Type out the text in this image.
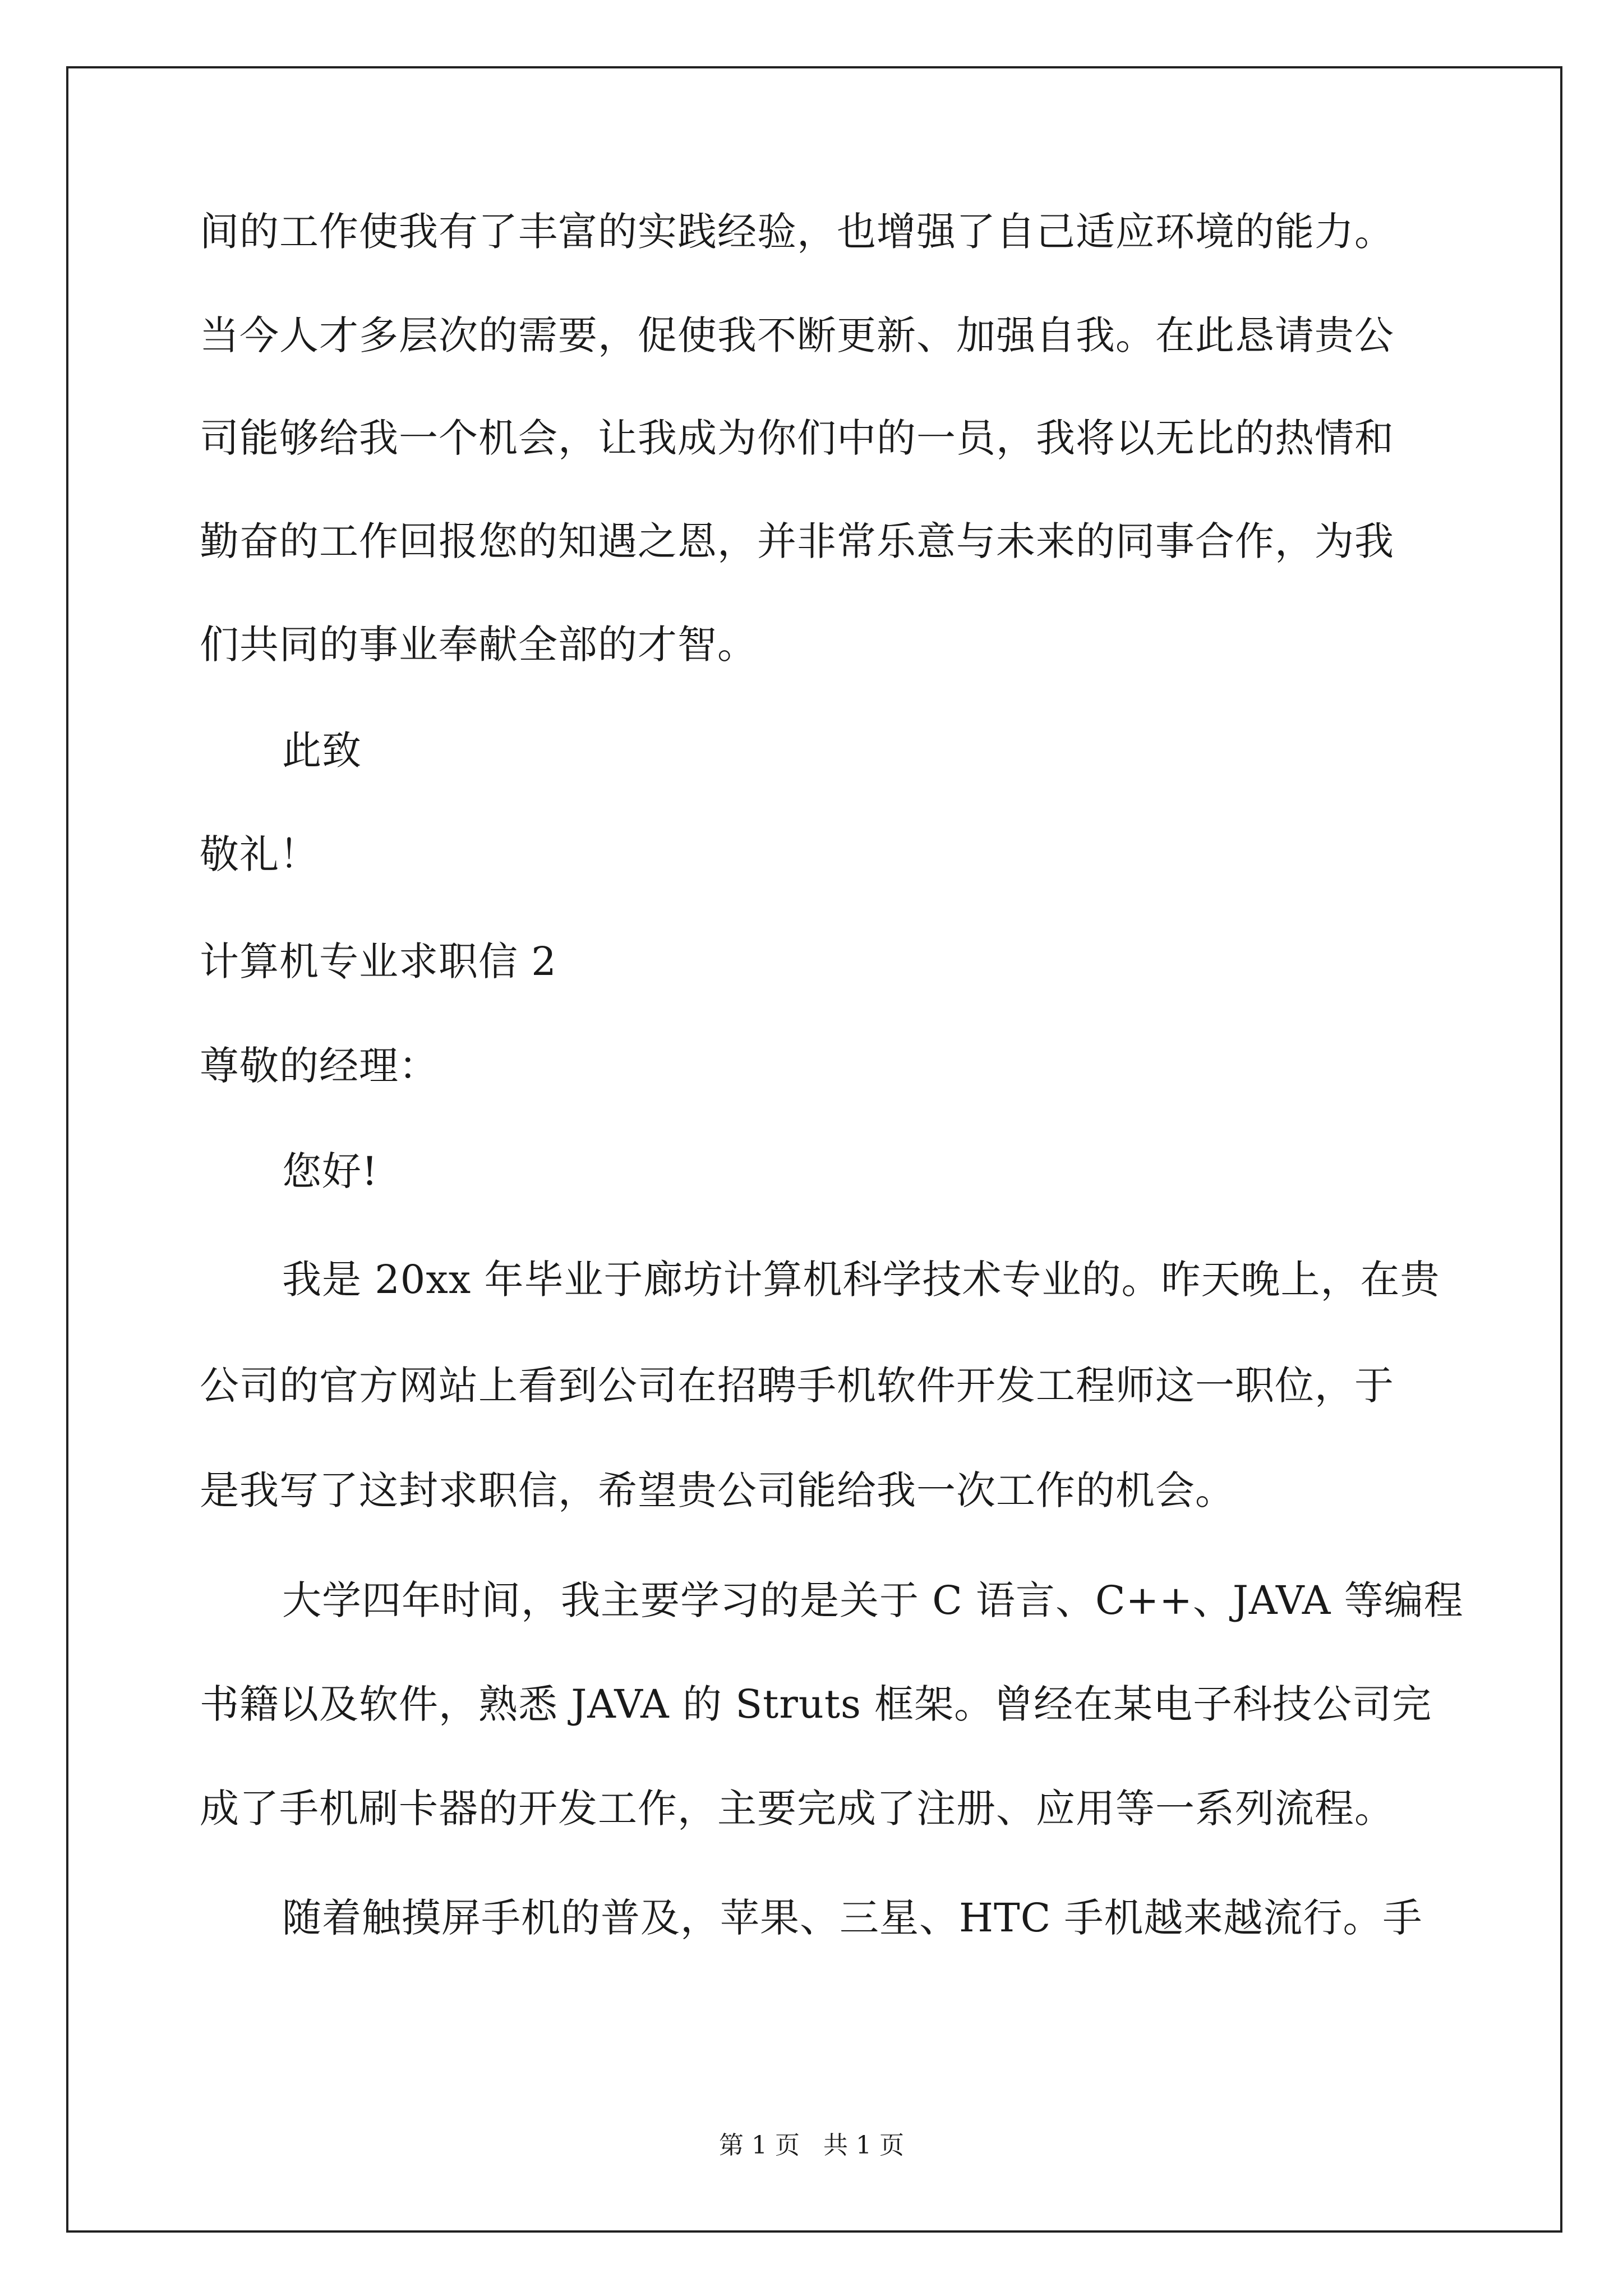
间的工作使我有了丰富的实践经验，也增强了自己适应环境的能力。
当今人才多层次的需要，促使我不断更新、加强自我。在此恳请贵公
司能够给我一个机会，让我成为你们中的一员，我将以无比的热情和
勤奋的工作回报您的知遇之恩，并非常乐意与未来的同事合作，为我
们共同的事业奉献全部的才智。
此致
敬礼！
计算机专业求职信 2
尊敬的经理：
您好!
我是 20xx 年毕业于廊坊计算机科学技术专业的。昨天晚上，在贵
公司的官方网站上看到公司在招聘手机软件开发工程师这一职位，于
是我写了这封求职信，希望贵公司能给我一次工作的机会。
大学四年时间，我主要学习的是关于 C 语言、C++、JAVA 等编程
书籍以及软件，熟悉 JAVA 的 Struts 框架。曾经在某电子科技公司完
成了手机刷卡器的开发工作，主要完成了注册、应用等一系列流程。
随着触摸屏手机的普及，苹果、三星、HTC 手机越来越流行。手
第 1 页   共 1 页
